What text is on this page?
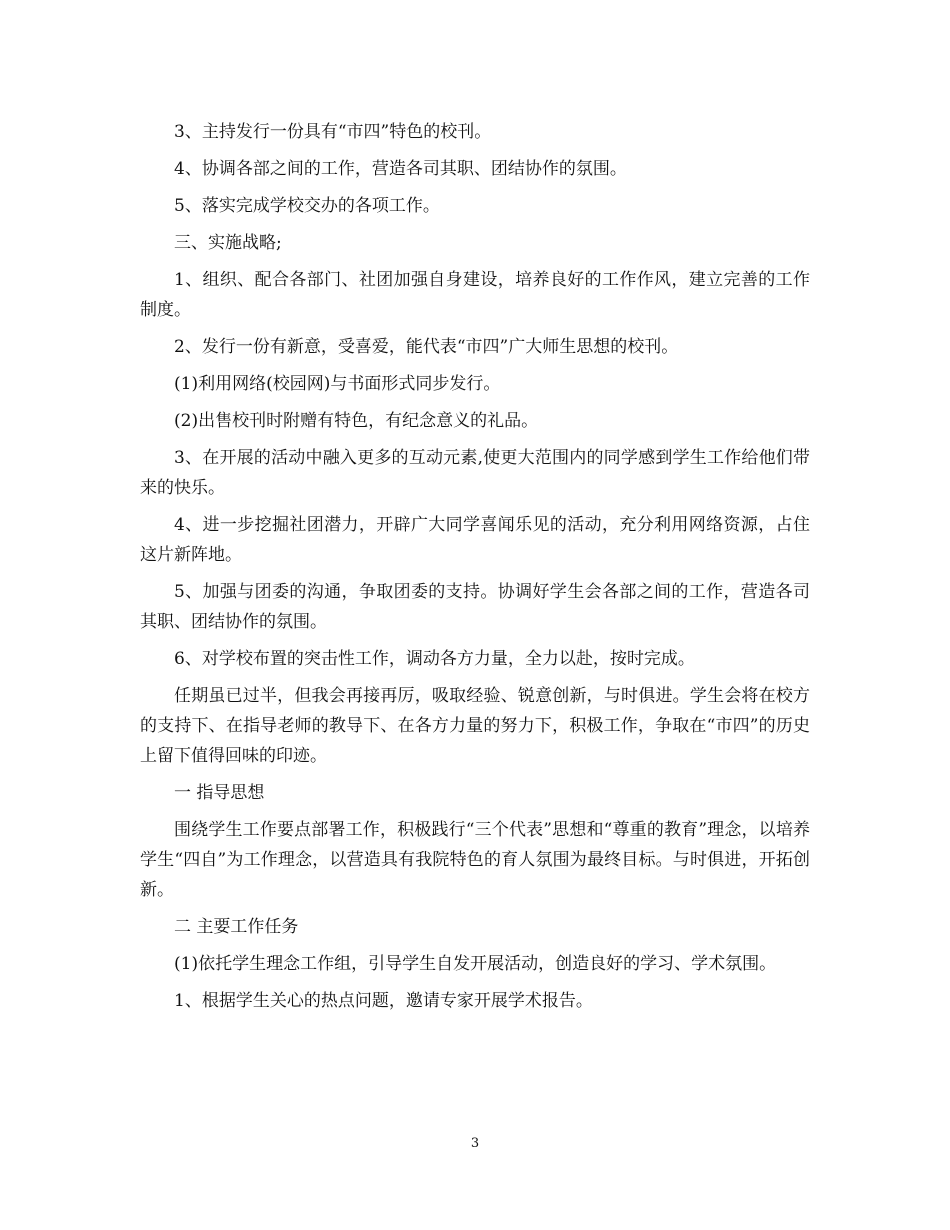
3、主持发行一份具有“市四”特色的校刊。

4、协调各部之间的工作，营造各司其职、团结协作的氛围。

5、落实完成学校交办的各项工作。

三、实施战略;

1、组织、配合各部门、社团加强自身建设，培养良好的工作作风，建立完善的工作制度。

2、发行一份有新意，受喜爱，能代表“市四”广大师生思想的校刊。

(1)利用网络(校园网)与书面形式同步发行。

(2)出售校刊时附赠有特色，有纪念意义的礼品。

3、在开展的活动中融入更多的互动元素,使更大范围内的同学感到学生工作给他们带来的快乐。

4、进一步挖掘社团潜力，开辟广大同学喜闻乐见的活动，充分利用网络资源，占住这片新阵地。

5、加强与团委的沟通，争取团委的支持。协调好学生会各部之间的工作，营造各司其职、团结协作的氛围。

6、对学校布置的突击性工作，调动各方力量，全力以赴，按时完成。

任期虽已过半，但我会再接再厉，吸取经验、锐意创新，与时俱进。学生会将在校方的支持下、在指导老师的教导下、在各方力量的努力下，积极工作，争取在“市四”的历史上留下值得回味的印迹。

一 指导思想

围绕学生工作要点部署工作，积极践行“三个代表”思想和“尊重的教育”理念，以培养学生“四自”为工作理念，以营造具有我院特色的育人氛围为最终目标。与时俱进，开拓创新。

二 主要工作任务

(1)依托学生理念工作组，引导学生自发开展活动，创造良好的学习、学术氛围。

1、根据学生关心的热点问题，邀请专家开展学术报告。

3
